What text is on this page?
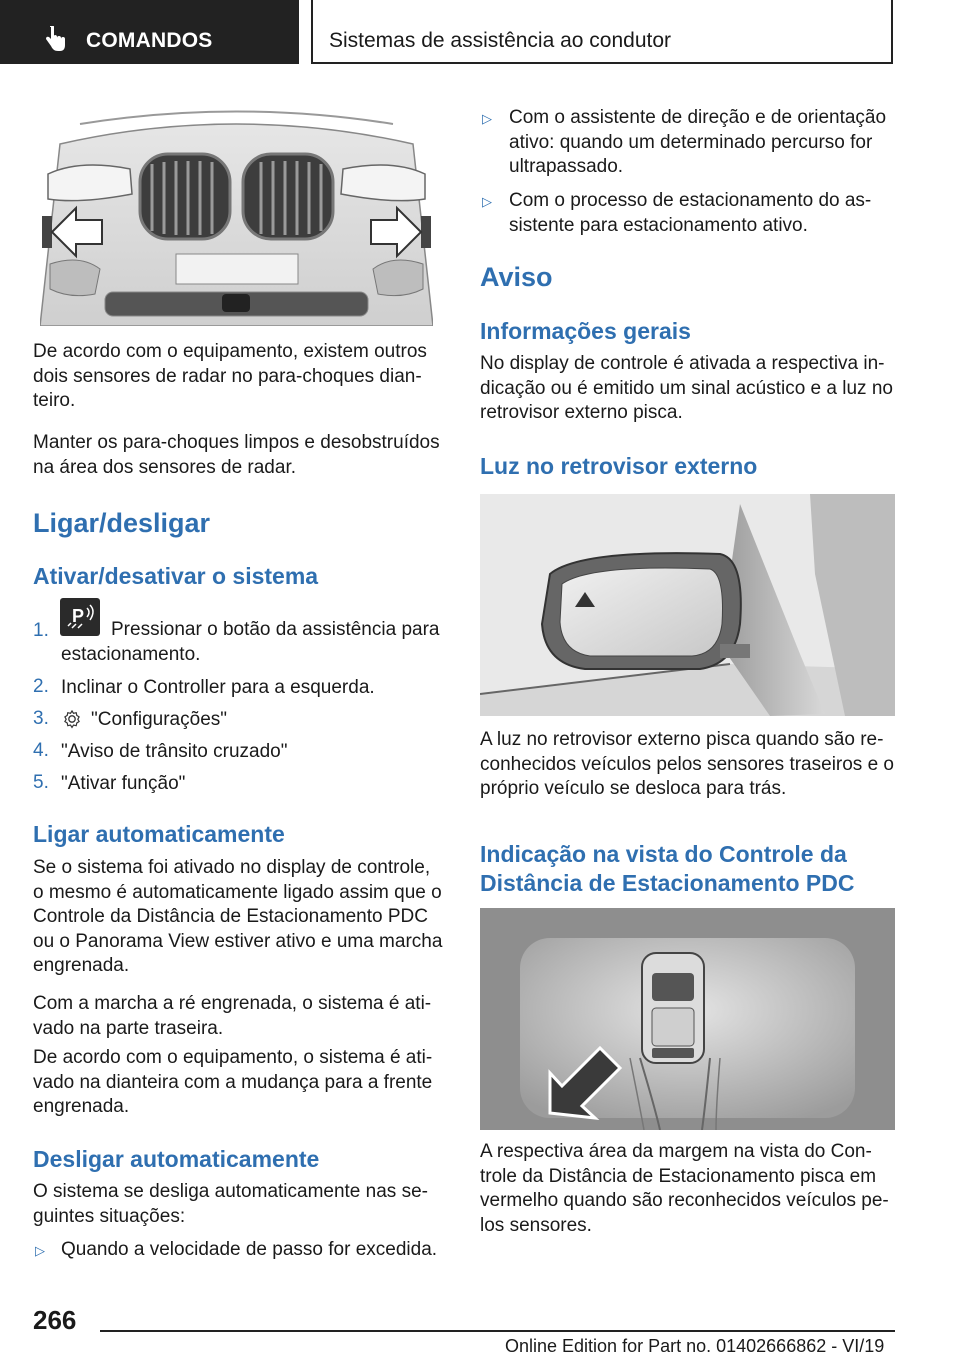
COMANDOS	Sistemas de assistência ao condutor

De acordo com o equipamento, existem outros dois sensores de radar no para-choques dian-teiro.

Manter os para-choques limpos e desobstruídos na área dos sensores de radar.

Ligar/desligar
Ativar/desativar o sistema
1.
P
Pressionar o botão da assistência para estacionamento.
2. Inclinar o Controller para a esquerda.
3. "Configurações"
4. "Aviso de trânsito cruzado"
5. "Ativar função"
Ligar automaticamente

Se o sistema foi ativado no display de controle, o mesmo é automaticamente ligado assim que o Controle da Distância de Estacionamento PDC ou o Panorama View estiver ativo e uma marcha engrenada.

Com a marcha a ré engrenada, o sistema é ati-vado na parte traseira.

De acordo com o equipamento, o sistema é ati-vado na dianteira com a mudança para a frente engrenada.

Desligar automaticamente

O sistema se desliga automaticamente nas se-guintes situações:

▷ Quando a velocidade de passo for excedida.
▷ Com o assistente de direção e de orientação ativo: quando um determinado percurso for ultrapassado.

▷ Com o processo de estacionamento do as-sistente para estacionamento ativo.

Aviso
Informações gerais

No display de controle é ativada a respectiva in-dicação ou é emitido um sinal acústico e a luz no retrovisor externo pisca.

Luz no retrovisor externo

A luz no retrovisor externo pisca quando são re-conhecidos veículos pelos sensores traseiros e o próprio veículo se desloca para trás.

Indicação na vista do Controle da Distância de Estacionamento PDC

A respectiva área da margem na vista do Con-trole da Distância de Estacionamento pisca em vermelho quando são reconhecidos veículos pe-los sensores.

266
Online Edition for Part no. 01402666862 - VI/19
